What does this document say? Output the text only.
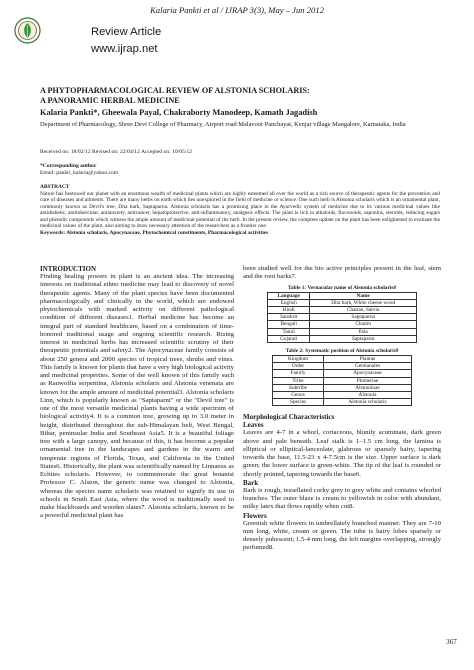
Kalaria Pankti et al / IJRAP 3(3), May – Jun 2012
Review Article
www.ijrap.net
A PHYTOPHARMACOLOGICAL REVIEW OF ALSTONIA SCHOLARIS:
A PANORAMIC HERBAL MEDICINE
Kalaria Pankti*, Gheewala Payal, Chakraborty Manodeep, Kamath Jagadish
Department of Pharmacology, Shree Devi College of Pharmacy, Airport road Malavoor Panchayat, Kenjar village Mangalore, Karnataka, India
Received on: 18/02/12 Revised on: 22/04/12 Accepted on: 10/05/12
*Corresponding author
Email: pankti_kalaria@yahoo.com
ABSTRACT
Nature has bestowed our planet with an enormous wealth of medicinal plants which are highly esteemed all over the world as a rich source of therapeutic agents for the prevention and cure of diseases and ailments. There are many herbs on earth which lies unexplored in the field of medicine or science. One such herb is Alstonia scholaris which is an ornamental plant, commonly known as Devil's tree, Dita bark, Saptaparna. Alstonia scholaris has a promising place in the Ayurvedic system of medicine due to its various medicinal values like antidiabetic, antitubercular, antianxiety, anticancer, hepatoprotective, anti-inflammatory, analgesic effects. The plant is rich in alkaloids, flavonoids, saponins, steroids, reducing sugars and phenolic compounds which witness the ample amount of medicinal potential of the herb. In the present review, the complete update on the plant has been enlightened to evaluate the medicinal values of the plant, also aiming to draw necessary attention of the researchers as a frontier one.
Keywords: Alstonia scholaris, Apocynaceae, Phytochemical constituents, Pharmacological activities
INTRODUCTION
Finding healing powers in plant is an ancient idea. The increasing interests on traditional ethno medicine may lead to discovery of novel therapeutic agents. Many of the plant species have been documented pharmacologically and clinically in the world, which are endowed phytochemicals with marked activity on different pathological condition of different diseases1. Herbal medicine has become an integral part of standard healthcare, based on a combination of time-honored traditional usage and ongoing scientific research. Rising interest in medicinal herbs has increased scientific scrutiny of their therapeutic potentials and safety2. The Apocynaceae family consists of about 250 genera and 2000 species of tropical trees, shrubs and vines. This family is known for plants that have a very high biological activity and medicinal properties. Some of the well known of this family such as Rauwolfia serpentina, Alstonia scholaris and Alstonia venenata are known for the ample amount of medicinal potential3. Alstonia scholaris Linn, which is popularly known as "Saptaparni" or the "Devil tree" is one of the most versatile medicinal plants having a wide spectrum of biological activity4. It is a common tree, growing up to 3.0 meter in height, distributed throughout the sub-Himalayan belt, West Bengal, Bihar, peninsular India and Southeast Asia5. It is a beautiful foliage tree with a large canopy, and because of this, it has become a popular ornamental tree in the landscapes and gardens in the warm and temperate regions of Florida, Texas, and California in the United States6. Historically, the plant was scientifically named by Linnaeus as Echites scholaris. However, to commemorate the great botanist Professor C. Alston, the generic name was changed to Alstonia, whereas the species name scholaris was retained to signify its use in schools in South East Asia, where the wood is traditionally used to make blackboards and wooden slates7. Alstonia scholaris, known to be a powerful medicinal plant has
been studied well for the bio active principles present in the leaf, stem and the root barks7.
Table 1: Vernacular name of Alstonia scholaris8
Language	Name
English	Dita bark, White cheese wood
Hindi	Chatian, Satvin
Sanskrit	Saptaparna
Bengali	Chatim
Tamil	Pala
Gujarati	Saptaparni
Table 2: Systematic position of Alstonia scholaris9
Kingdom	Plantae
Order	Gentianales
Family	Apocynaceae
Tribe	Plumeriae
Subtribe	Alstoniinae
Genus	Alstonia
Species	Alstonia scholaris
Morphological Characteristics
Leaves
Leaves are 4-7 in a whorl, coriaceous, bluntly acuminate, dark green above and pale beneath. Leaf stalk is 1–1.5 cm long, the lamina is elliptical or elliptical-lanceolate, glabrous or sparsely hairy, tapering towards the base, 11.5-23 x 4-7.5cm is the size. Upper surface is dark green; the lower surface is green-white. The tip of the leaf is rounded or shortly pointed, tapering towards the base6.
Bark
Bark is rough, tessellated corky grey to grey white and contains whorled branches. The outer blaze is cream to yellowish in color with abundant, milky latex that flows rapidly when cut8.
Flowers
Greenish white flowers in umbrellately branched manner. They are 7-10 mm long, white, cream or green. The tube is hairy lobes sparsely or densely pubescent; 1.5-4 mm long, the left margins overlapping, strongly perfumed8.
367
